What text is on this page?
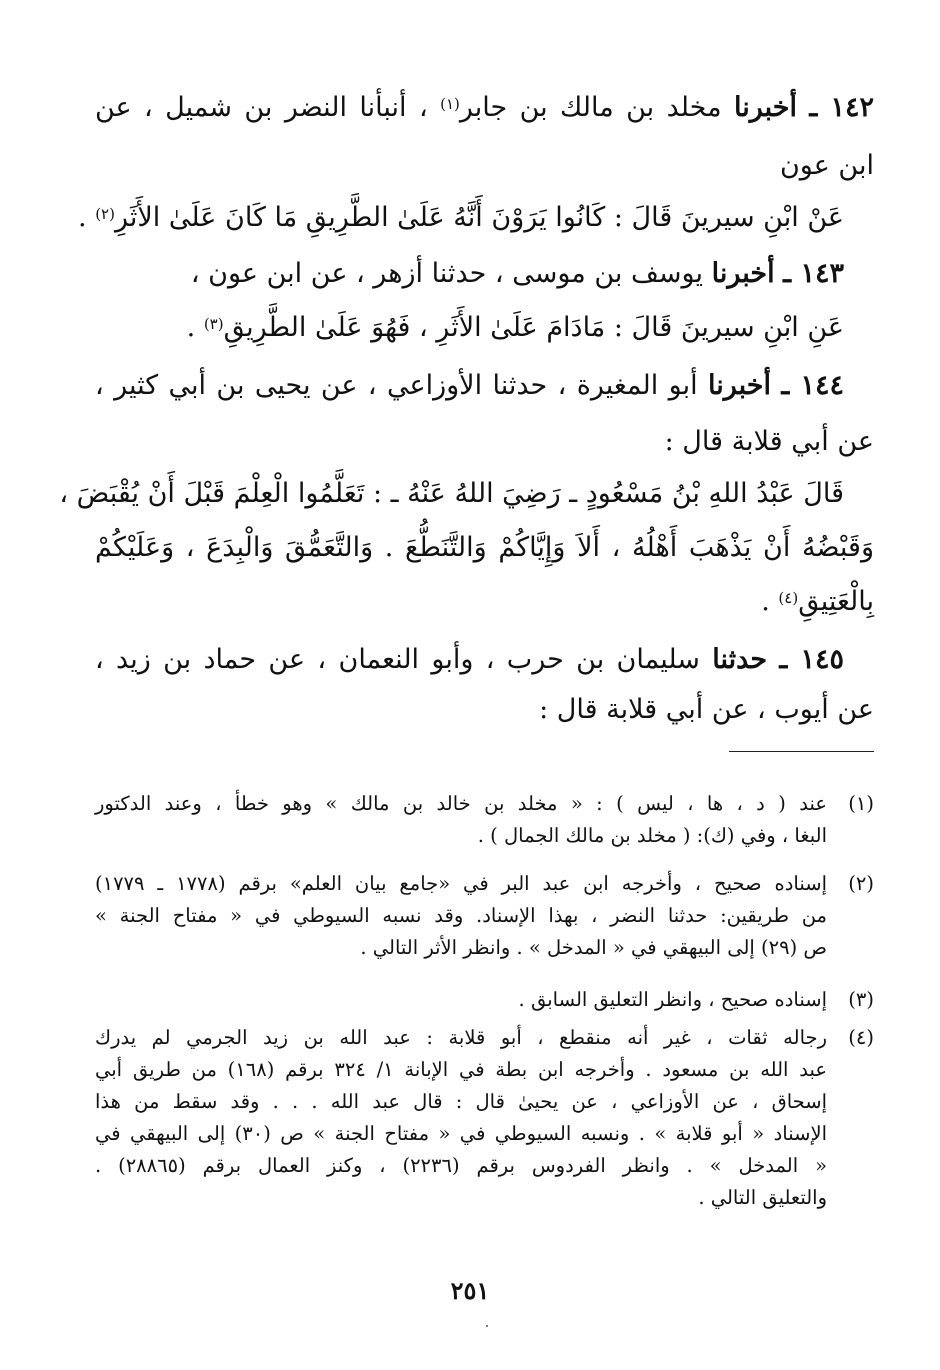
١٤٢ ـ أخبرنا مخلد بن مالك بن جابر$^{(١)}$ ، أنبأنا النضر بن شميل ، عن
ابن عون
عَنْ ابْنِ سيرينَ قَالَ : كَانُوا يَرَوْنَ أَنَّهُ عَلَىٰ الطَّرِيقِ مَا كَانَ عَلَىٰ الأَثَرِ$^{(٢)}$ .
١٤٣ ـ أخبرنا يوسف بن موسى ، حدثنا أزهر ، عن ابن عون ،
عَنِ ابْنِ سيرينَ قَالَ : مَادَامَ عَلَىٰ الأَثَرِ ، فَهُوَ عَلَىٰ الطَّرِيقِ$^{(٣)}$ .
١٤٤ ـ أخبرنا أبو المغيرة ، حدثنا الأوزاعي ، عن يحيى بن أبي كثير ،
عن أبي قلابة قال :
قَالَ عَبْدُ اللهِ بْنُ مَسْعُودٍ ـ رَضِيَ اللهُ عَنْهُ ـ : تَعَلَّمُوا الْعِلْمَ قَبْلَ أَنْ يُقْبَضَ ،
وَقَبْضُهُ أَنْ يَذْهَبَ أَهْلُهُ ، أَلاَ وَإِيَّاكُمْ وَالتَّنَطُّعَ . وَالتَّعَمُّقَ وَالْبِدَعَ ، وَعَلَيْكُمْ
بِالْعَتِيقِ$^{(٤)}$ .
١٤٥ ـ حدثنا سليمان بن حرب ، وأبو النعمان ، عن حماد بن زيد ،
عن أيوب ، عن أبي قلابة قال :
(١)
عند ( د ، ها ، ليس ) : « مخلد بن خالد بن مالك » وهو خطأ ، وعند الدكتور
البغا ، وفي (ك): ( مخلد بن مالك الجمال ) .
(٢)
إسناده صحيح ، وأخرجه ابن عبد البر في «جامع بيان العلم» برقم (١٧٧٨ ـ ١٧٧٩)
من طريقين: حدثنا النضر ، بهذا الإسناد. وقد نسبه السيوطي في « مفتاح الجنة »
ص (٢٩) إلى البيهقي في « المدخل » . وانظر الأثر التالي .
(٣)
إسناده صحيح ، وانظر التعليق السابق .
(٤)
رجاله ثقات ، غير أنه منقطع ، أبو قلابة : عبد الله بن زيد الجرمي لم يدرك
عبد الله بن مسعود . وأخرجه ابن بطة في الإبانة ١/ ٣٢٤ برقم (١٦٨) من طريق أبي
إسحاق ، عن الأوزاعي ، عن يحيىٰ قال : قال عبد الله . . . وقد سقط من هذا
الإسناد « أبو قلابة » . ونسبه السيوطي في « مفتاح الجنة » ص (٣٠) إلى البيهقي في
« المدخل » . وانظر الفردوس برقم (٢٢٣٦) ، وكنز العمال برقم (٢٨٨٦٥) .
والتعليق التالي .
٢٥١
